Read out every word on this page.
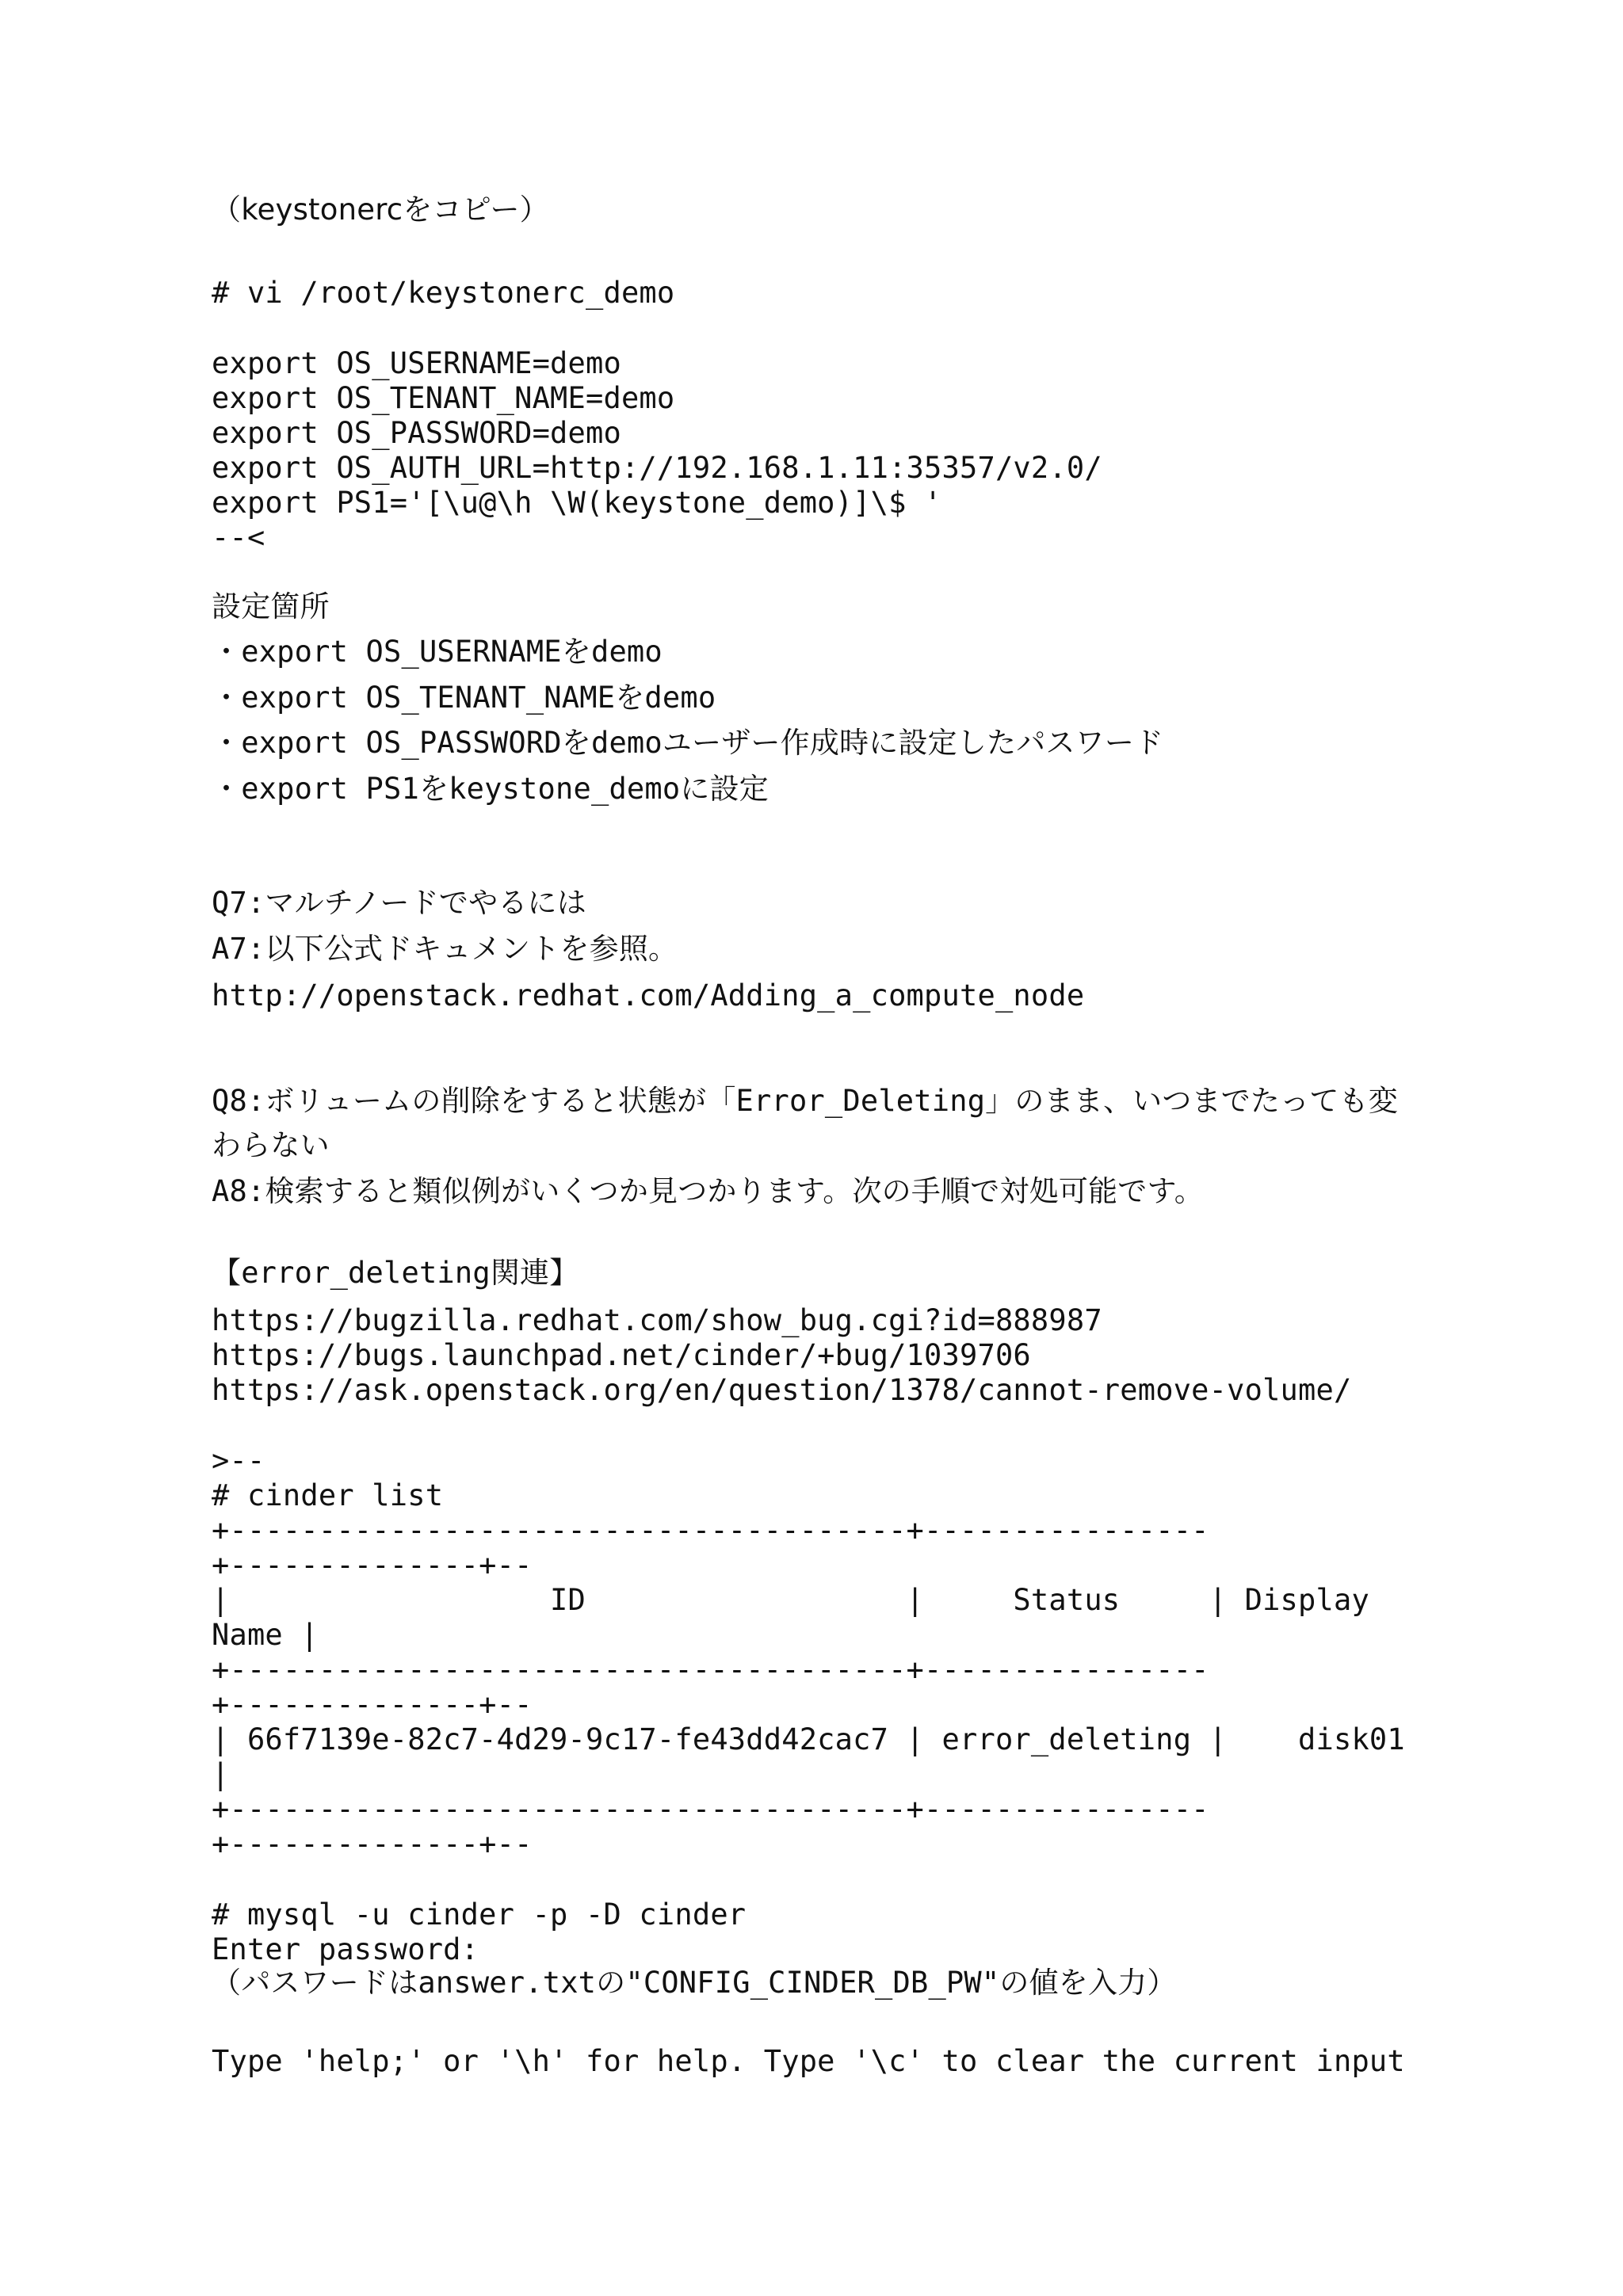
（keystonercをコピー）

# vi /root/keystonerc_demo

export OS_USERNAME=demo

export OS_TENANT_NAME=demo

export OS_PASSWORD=demo

export OS_AUTH_URL=http://192.168.1.11:35357/v2.0/

export PS1='[\u@\h \W(keystone_demo)]\$ '

--<

設定箇所

・export OS_USERNAMEをdemo

・export OS_TENANT_NAMEをdemo

・export OS_PASSWORDをdemoユーザー作成時に設定したパスワード

・export PS1をkeystone_demoに設定

Q7:マルチノードでやるには

A7:以下公式ドキュメントを参照。

http://openstack.redhat.com/Adding_a_compute_node

Q8:ボリュームの削除をすると状態が「Error_Deleting」のまま、いつまでたっても変

わらない

A8:検索すると類似例がいくつか見つかります。次の手順で対処可能です。

【error_deleting関連】

https://bugzilla.redhat.com/show_bug.cgi?id=888987

https://bugs.launchpad.net/cinder/+bug/1039706

https://ask.openstack.org/en/question/1378/cannot-remove-volume/

>--

# cinder list

+--------------------------------------+----------------

+--------------+--

|                  ID                  |     Status     | Display

Name |

+--------------------------------------+----------------

+--------------+--

| 66f7139e-82c7-4d29-9c17-fe43dd42cac7 | error_deleting |    disk01

|

+--------------------------------------+----------------

+--------------+--

# mysql -u cinder -p -D cinder

Enter password:

（パスワードはanswer.txtの"CONFIG_CINDER_DB_PW"の値を入力）

Type 'help;' or '\h' for help. Type '\c' to clear the current input
